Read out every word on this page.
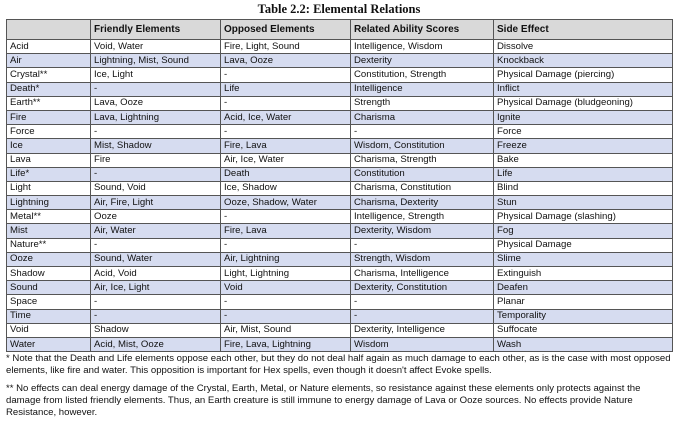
Table 2.2: Elemental Relations
	Friendly Elements	Opposed Elements	Related Ability Scores	Side Effect
Acid	Void, Water	Fire, Light, Sound	Intelligence, Wisdom	Dissolve
Air	Lightning, Mist, Sound	Lava, Ooze	Dexterity	Knockback
Crystal**	Ice, Light	-	Constitution, Strength	Physical Damage (piercing)
Death*	-	Life	Intelligence	Inflict
Earth**	Lava, Ooze	-	Strength	Physical Damage (bludgeoning)
Fire	Lava, Lightning	Acid, Ice, Water	Charisma	Ignite
Force	-	-	-	Force
Ice	Mist, Shadow	Fire, Lava	Wisdom, Constitution	Freeze
Lava	Fire	Air, Ice, Water	Charisma, Strength	Bake
Life*	-	Death	Constitution	Life
Light	Sound, Void	Ice, Shadow	Charisma, Constitution	Blind
Lightning	Air, Fire, Light	Ooze, Shadow, Water	Charisma, Dexterity	Stun
Metal**	Ooze	-	Intelligence, Strength	Physical Damage (slashing)
Mist	Air, Water	Fire, Lava	Dexterity, Wisdom	Fog
Nature**	-	-	-	Physical Damage
Ooze	Sound, Water	Air, Lightning	Strength, Wisdom	Slime
Shadow	Acid, Void	Light, Lightning	Charisma, Intelligence	Extinguish
Sound	Air, Ice, Light	Void	Dexterity, Constitution	Deafen
Space	-	-	-	Planar
Time	-	-	-	Temporality
Void	Shadow	Air, Mist, Sound	Dexterity, Intelligence	Suffocate
Water	Acid, Mist, Ooze	Fire, Lava, Lightning	Wisdom	Wash

* Note that the Death and Life elements oppose each other, but they do not deal half again as much damage to each other, as is the case with most opposed elements, like fire and water. This opposition is important for Hex spells, even though it doesn't affect Evoke spells.

** No effects can deal energy damage of the Crystal, Earth, Metal, or Nature elements, so resistance against these elements only protects against the damage from listed friendly elements. Thus, an Earth creature is still immune to energy damage of Lava or Ooze sources. No effects provide Nature Resistance, however.
